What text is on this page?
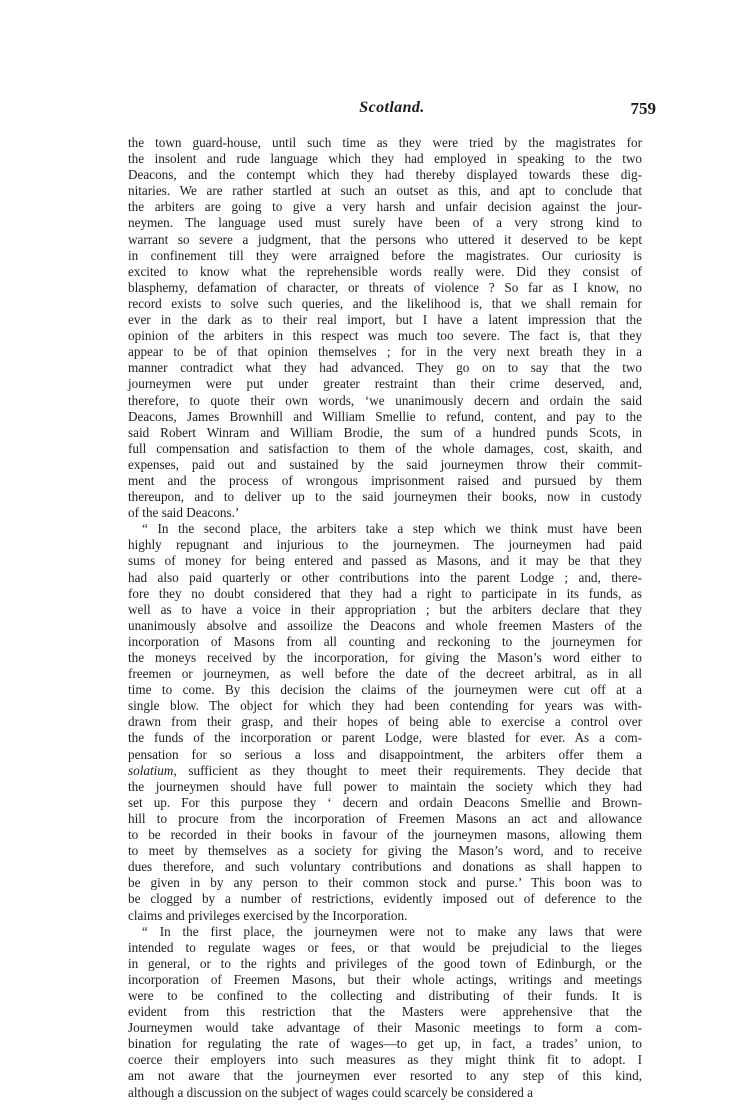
Scotland.	759
the town guard-house, until such time as they were tried by the magistrates for
the insolent and rude language which they had employed in speaking to the two
Deacons, and the contempt which they had thereby displayed towards these dig-
nitaries. We are rather startled at such an outset as this, and apt to conclude that
the arbiters are going to give a very harsh and unfair decision against the jour-
neymen. The language used must surely have been of a very strong kind to
warrant so severe a judgment, that the persons who uttered it deserved to be kept
in confinement till they were arraigned before the magistrates. Our curiosity is
excited to know what the reprehensible words really were. Did they consist of
blasphemy, defamation of character, or threats of violence ? So far as I know, no
record exists to solve such queries, and the likelihood is, that we shall remain for
ever in the dark as to their real import, but I have a latent impression that the
opinion of the arbiters in this respect was much too severe. The fact is, that they
appear to be of that opinion themselves ; for in the very next breath they in a
manner contradict what they had advanced. They go on to say that the two
journeymen were put under greater restraint than their crime deserved, and,
therefore, to quote their own words, ‘we unanimously decern and ordain the said
Deacons, James Brownhill and William Smellie to refund, content, and pay to the
said Robert Winram and William Brodie, the sum of a hundred punds Scots, in
full compensation and satisfaction to them of the whole damages, cost, skaith, and
expenses, paid out and sustained by the said journeymen throw their commit-
ment and the process of wrongous imprisonment raised and pursued by them
thereupon, and to deliver up to the said journeymen their books, now in custody
of the said Deacons.’
“ In the second place, the arbiters take a step which we think must have been
highly repugnant and injurious to the journeymen. The journeymen had paid
sums of money for being entered and passed as Masons, and it may be that they
had also paid quarterly or other contributions into the parent Lodge ; and, there-
fore they no doubt considered that they had a right to participate in its funds, as
well as to have a voice in their appropriation ; but the arbiters declare that they
unanimously absolve and assoilize the Deacons and whole freemen Masters of the
incorporation of Masons from all counting and reckoning to the journeymen for
the moneys received by the incorporation, for giving the Mason’s word either to
freemen or journeymen, as well before the date of the decreet arbitral, as in all
time to come. By this decision the claims of the journeymen were cut off at a
single blow. The object for which they had been contending for years was with-
drawn from their grasp, and their hopes of being able to exercise a control over
the funds of the incorporation or parent Lodge, were blasted for ever. As a com-
pensation for so serious a loss and disappointment, the arbiters offer them a
solatium, sufficient as they thought to meet their requirements. They decide that
the journeymen should have full power to maintain the society which they had
set up. For this purpose they ‘ decern and ordain Deacons Smellie and Brown-
hill to procure from the incorporation of Freemen Masons an act and allowance
to be recorded in their books in favour of the journeymen masons, allowing them
to meet by themselves as a society for giving the Mason’s word, and to receive
dues therefore, and such voluntary contributions and donations as shall happen to
be given in by any person to their common stock and purse.’ This boon was to
be clogged by a number of restrictions, evidently imposed out of deference to the
claims and privileges exercised by the Incorporation.
“ In the first place, the journeymen were not to make any laws that were
intended to regulate wages or fees, or that would be prejudicial to the lieges
in general, or to the rights and privileges of the good town of Edinburgh, or the
incorporation of Freemen Masons, but their whole actings, writings and meetings
were to be confined to the collecting and distributing of their funds. It is
evident from this restriction that the Masters were apprehensive that the
Journeymen would take advantage of their Masonic meetings to form a com-
bination for regulating the rate of wages—to get up, in fact, a trades’ union, to
coerce their employers into such measures as they might think fit to adopt. I
am not aware that the journeymen ever resorted to any step of this kind,
although a discussion on the subject of wages could scarcely be considered a
